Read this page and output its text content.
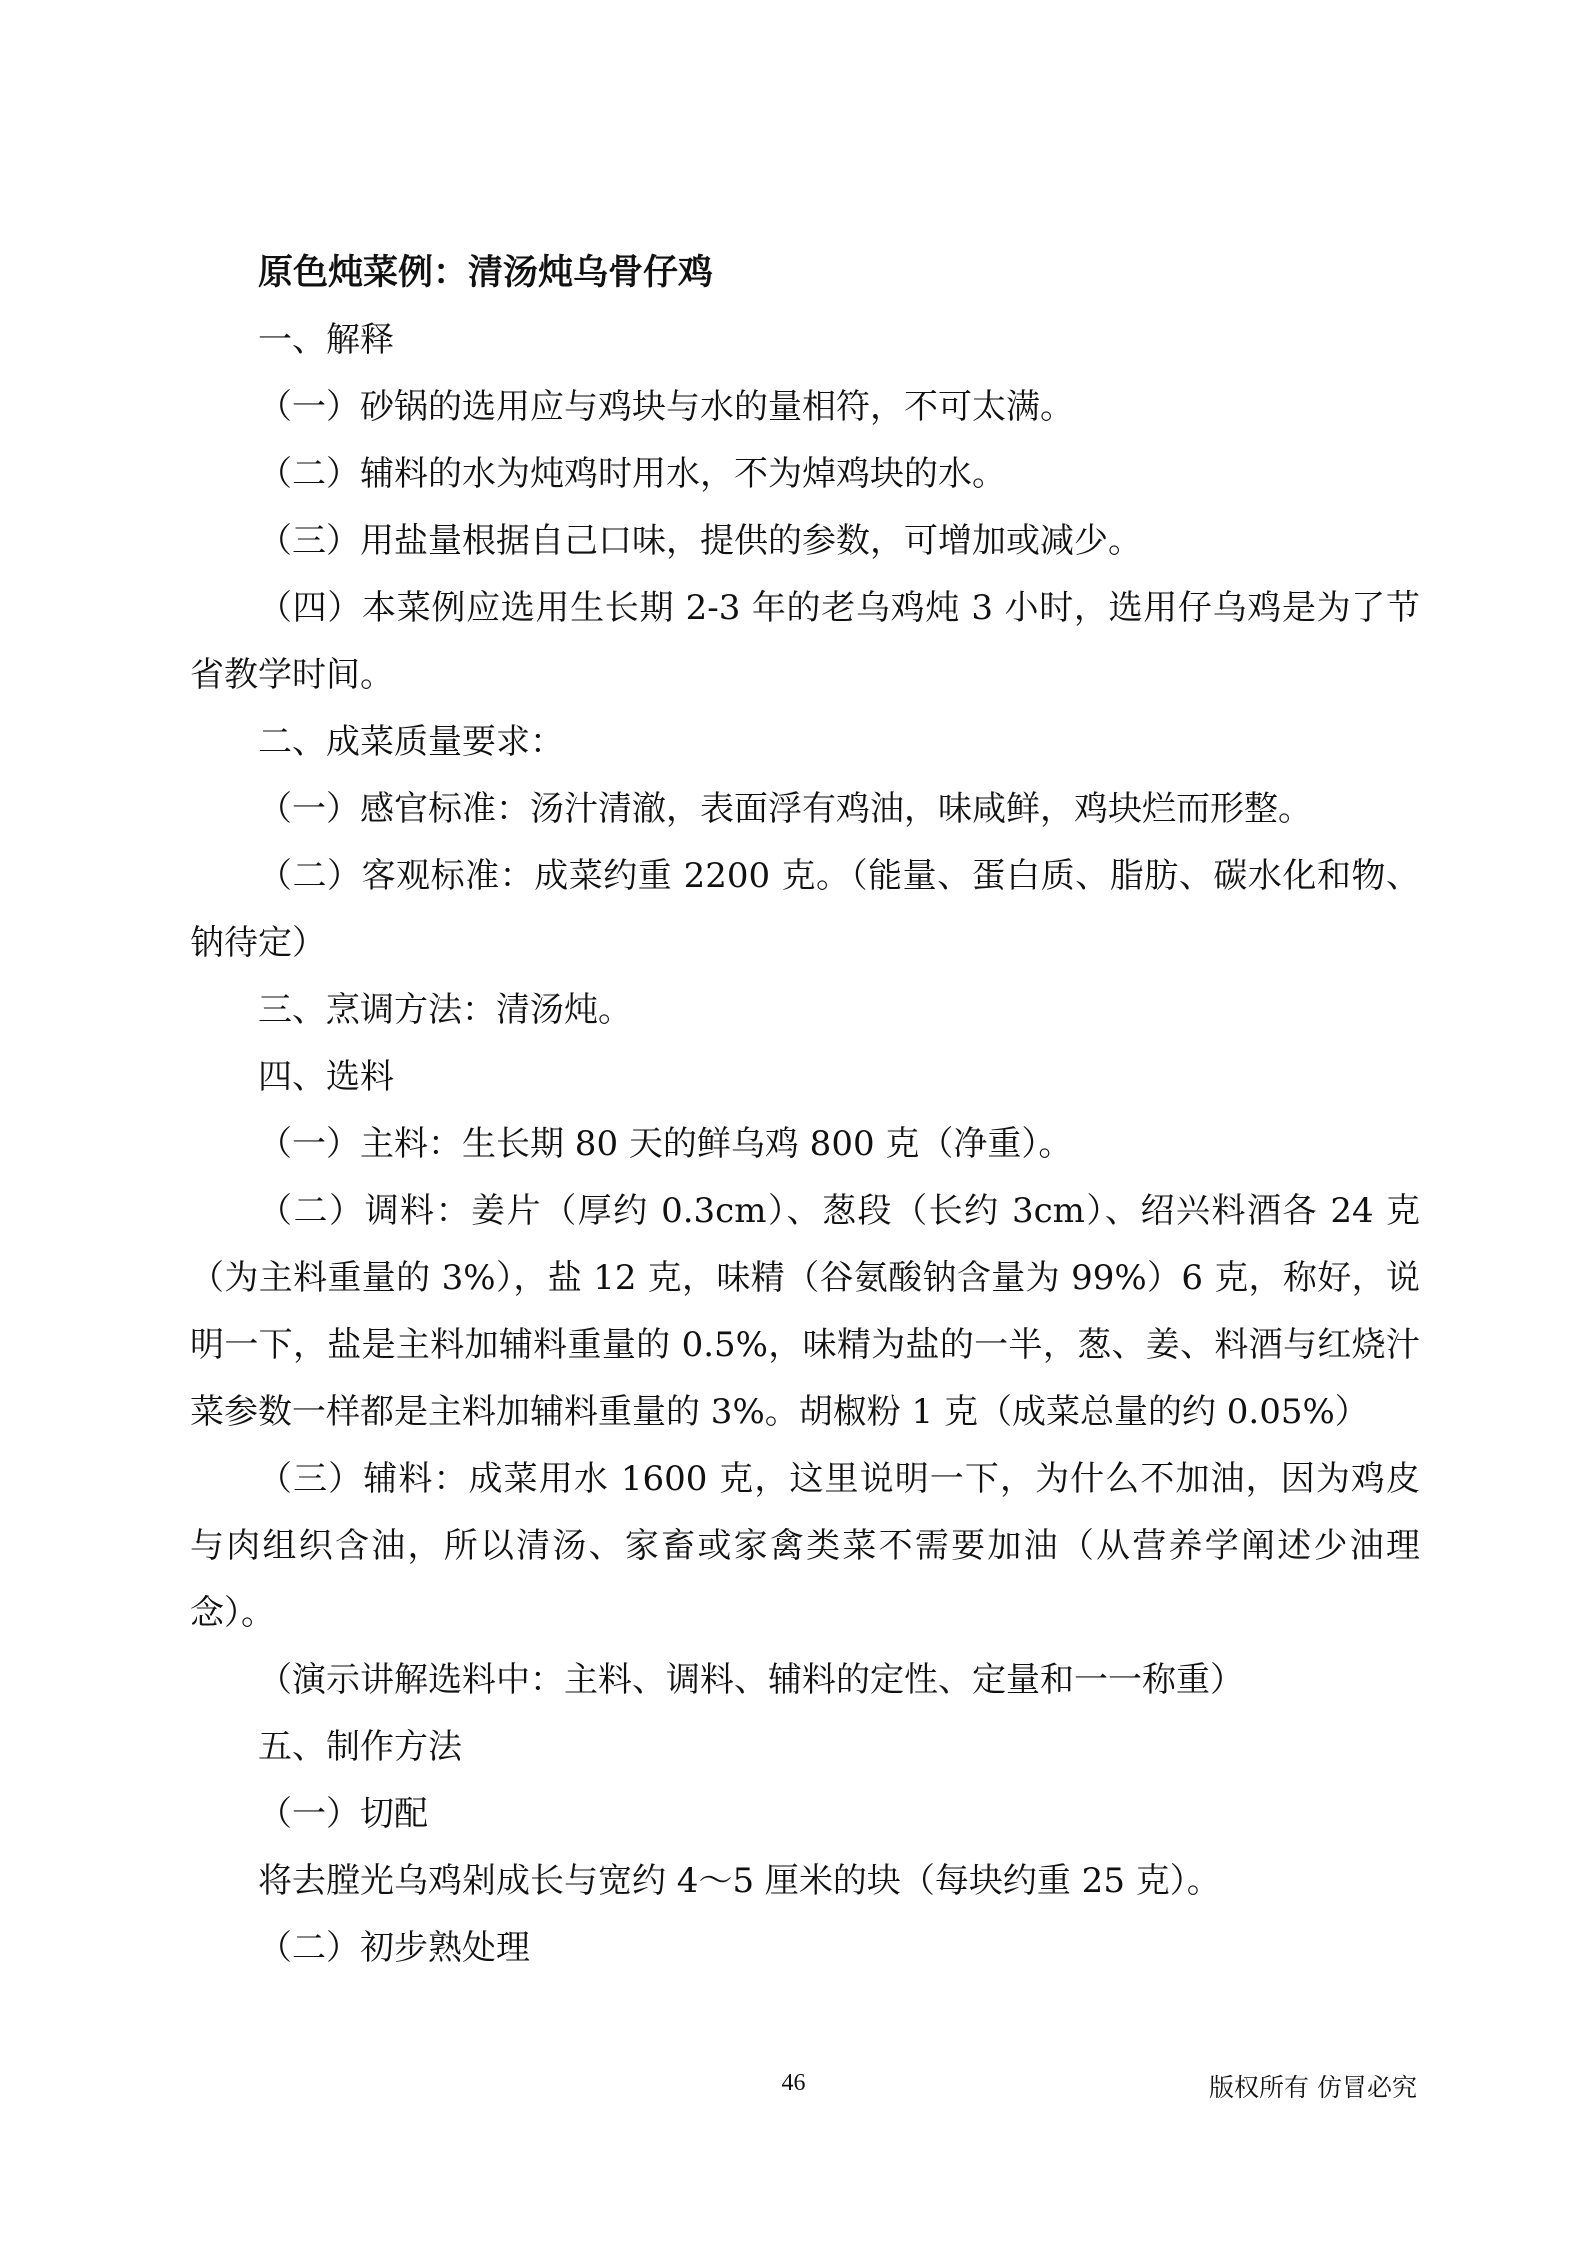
原色炖菜例：清汤炖乌骨仔鸡

一、解释

（一）砂锅的选用应与鸡块与水的量相符，不可太满。

（二）辅料的水为炖鸡时用水，不为焯鸡块的水。

（三）用盐量根据自己口味，提供的参数，可增加或减少。

（四）本菜例应选用生长期 2-3 年的老乌鸡炖 3 小时，选用仔乌鸡是为了节省教学时间。

二、成菜质量要求：

（一）感官标准：汤汁清澈，表面浮有鸡油，味咸鲜，鸡块烂而形整。

（二）客观标准：成菜约重 2200 克。（能量、蛋白质、脂肪、碳水化和物、钠待定）

三、烹调方法：清汤炖。

四、选料

（一）主料：生长期 80 天的鲜乌鸡 800 克（净重）。

（二）调料：姜片（厚约 0.3cm）、葱段（长约 3cm）、绍兴料酒各 24 克（为主料重量的 3%），盐 12 克，味精（谷氨酸钠含量为 99%）6 克，称好，说明一下，盐是主料加辅料重量的 0.5%，味精为盐的一半，葱、姜、料酒与红烧汁菜参数一样都是主料加辅料重量的 3%。胡椒粉 1 克（成菜总量的约 0.05%）

（三）辅料：成菜用水 1600 克，这里说明一下，为什么不加油，因为鸡皮与肉组织含油，所以清汤、家畜或家禽类菜不需要加油（从营养学阐述少油理念）。

（演示讲解选料中：主料、调料、辅料的定性、定量和一一称重）

五、制作方法

（一）切配

将去膛光乌鸡剁成长与宽约 4～5 厘米的块（每块约重 25 克）。

（二）初步熟处理

46	版权所有 仿冒必究
